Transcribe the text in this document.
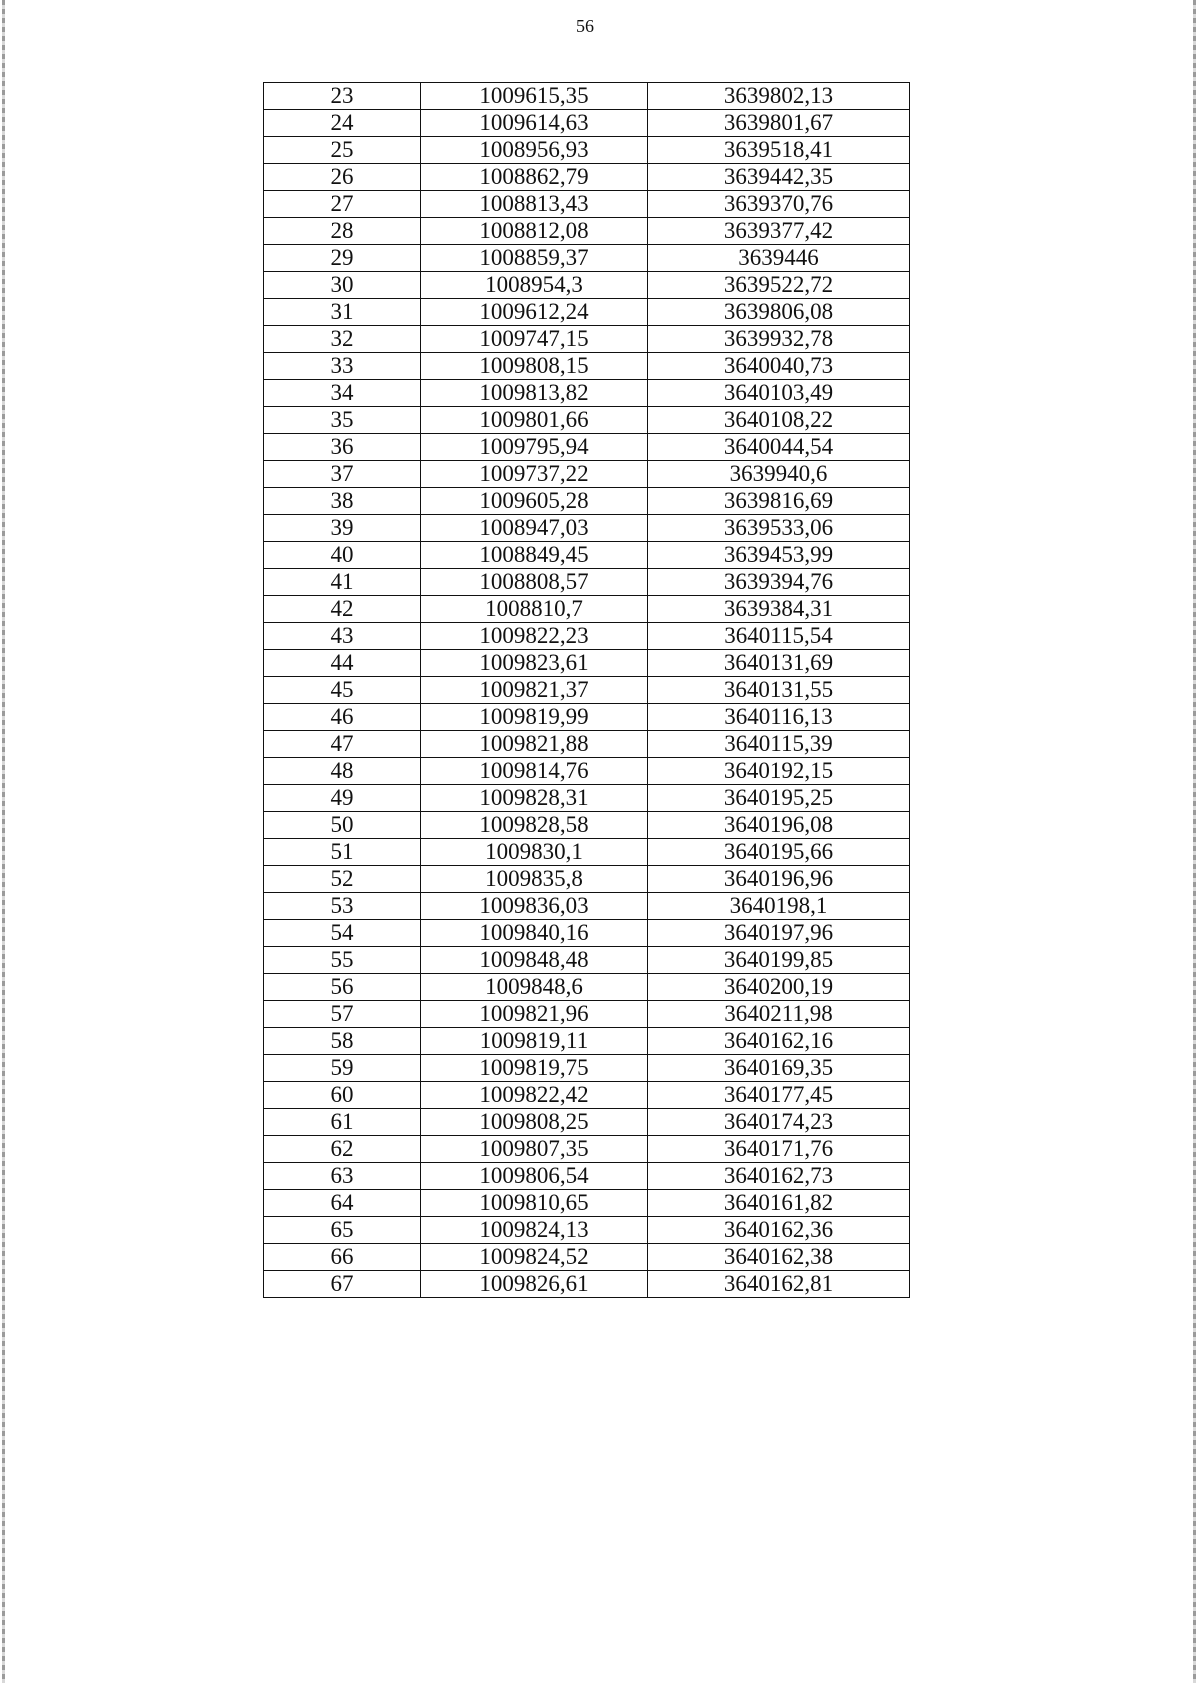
56
23	1009615,35	3639802,13
24	1009614,63	3639801,67
25	1008956,93	3639518,41
26	1008862,79	3639442,35
27	1008813,43	3639370,76
28	1008812,08	3639377,42
29	1008859,37	3639446
30	1008954,3	3639522,72
31	1009612,24	3639806,08
32	1009747,15	3639932,78
33	1009808,15	3640040,73
34	1009813,82	3640103,49
35	1009801,66	3640108,22
36	1009795,94	3640044,54
37	1009737,22	3639940,6
38	1009605,28	3639816,69
39	1008947,03	3639533,06
40	1008849,45	3639453,99
41	1008808,57	3639394,76
42	1008810,7	3639384,31
43	1009822,23	3640115,54
44	1009823,61	3640131,69
45	1009821,37	3640131,55
46	1009819,99	3640116,13
47	1009821,88	3640115,39
48	1009814,76	3640192,15
49	1009828,31	3640195,25
50	1009828,58	3640196,08
51	1009830,1	3640195,66
52	1009835,8	3640196,96
53	1009836,03	3640198,1
54	1009840,16	3640197,96
55	1009848,48	3640199,85
56	1009848,6	3640200,19
57	1009821,96	3640211,98
58	1009819,11	3640162,16
59	1009819,75	3640169,35
60	1009822,42	3640177,45
61	1009808,25	3640174,23
62	1009807,35	3640171,76
63	1009806,54	3640162,73
64	1009810,65	3640161,82
65	1009824,13	3640162,36
66	1009824,52	3640162,38
67	1009826,61	3640162,81
